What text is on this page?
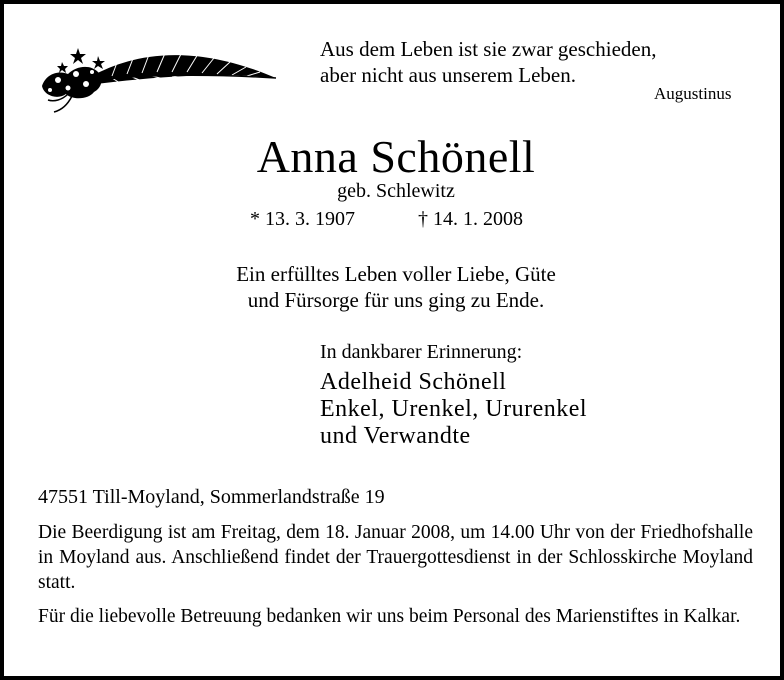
Aus dem Leben ist sie zwar geschieden,
aber nicht aus unserem Leben.
Augustinus
Anna Schönell
geb. Schlewitz
* 13. 3. 1907	† 14. 1. 2008
Ein erfülltes Leben voller Liebe, Güte
und Fürsorge für uns ging zu Ende.
In dankbarer Erinnerung:
Adelheid Schönell
Enkel, Urenkel, Ururenkel
und Verwandte
47551 Till-Moyland, Sommerlandstraße 19
Die Beerdigung ist am Freitag, dem 18. Januar 2008, um 14.00 Uhr von der Friedhofshalle in Moyland aus. Anschließend findet der Trauergottesdienst in der Schlosskirche Moyland statt.
Für die liebevolle Betreuung bedanken wir uns beim Personal des Marienstiftes in Kalkar.
